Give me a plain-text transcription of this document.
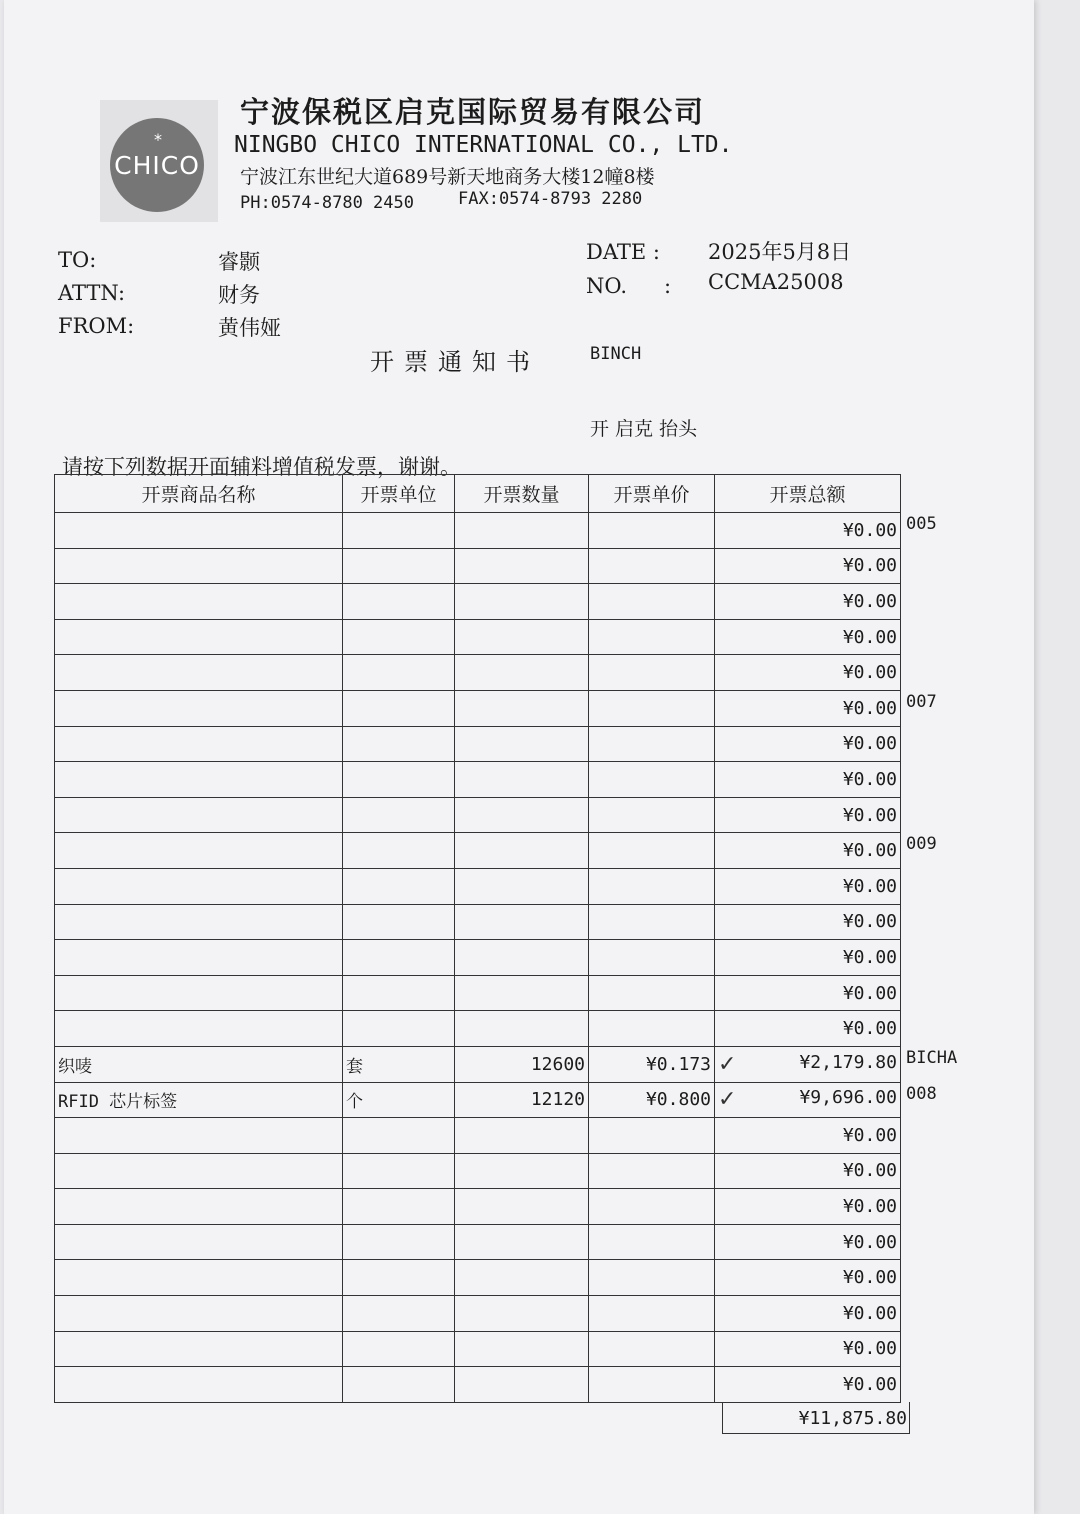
*
CHICO
宁波保税区启克国际贸易有限公司
NINGBO CHICO INTERNATIONAL CO., LTD.
宁波江东世纪大道689号新天地商务大楼12幢8楼
PH:0574-8780 2450	FAX:0574-8793 2280
TO:	睿颢
ATTN:	财务
FROM:	黄伟娅
DATE : 2025年5月8日
NO. : CCMA25008
开票通知书	BINCH
开 启克 抬头
请按下列数据开面辅料增值税发票，谢谢。
开票商品名称	开票单位	开票数量	开票单价	开票总额
				¥0.00
				¥0.00
				¥0.00
				¥0.00
				¥0.00
				¥0.00
				¥0.00
				¥0.00
				¥0.00
				¥0.00
				¥0.00
				¥0.00
				¥0.00
				¥0.00
				¥0.00
织唛	套	12600	¥0.173	✓ ¥2,179.80
RFID 芯片标签	个	12120	¥0.800	✓ ¥9,696.00
				¥0.00
				¥0.00
				¥0.00
				¥0.00
				¥0.00
				¥0.00
				¥0.00
				¥0.00
005
007
009
BICHA
008
¥11,875.80
